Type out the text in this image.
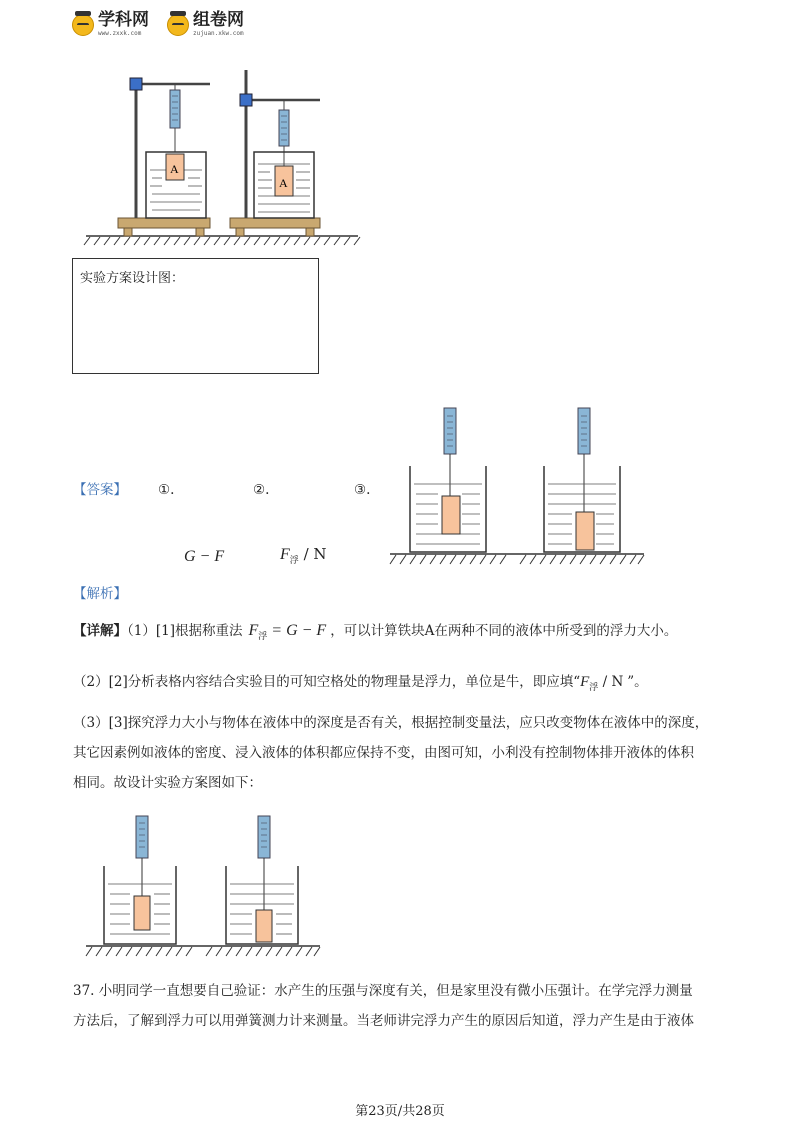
学科网
www.zxxk.com
组卷网
zujuan.xkw.com
A
A
实验方案设计图：
【答案】 ①.	②.	③.
G − F	$F_浮$ / N
【解析】
【详解】（1）[1]根据称重法 $F_浮 = G - F$ ，可以计算铁块A在两种不同的液体中所受到的浮力大小。
（2）[2]分析表格内容结合实验目的可知空格处的物理量是浮力，单位是牛，即应填“$F_浮$ / N ”。
（3）[3]探究浮力大小与物体在液体中的深度是否有关，根据控制变量法，应只改变物体在液体中的深度，
其它因素例如液体的密度、浸入液体的体积都应保持不变，由图可知，小利没有控制物体排开液体的体积
相同。故设计实验方案图如下：
37. 小明同学一直想要自己验证：水产生的压强与深度有关，但是家里没有微小压强计。在学完浮力测量
方法后，了解到浮力可以用弹簧测力计来测量。当老师讲完浮力产生的原因后知道，浮力产生是由于液体
第23页/共28页
